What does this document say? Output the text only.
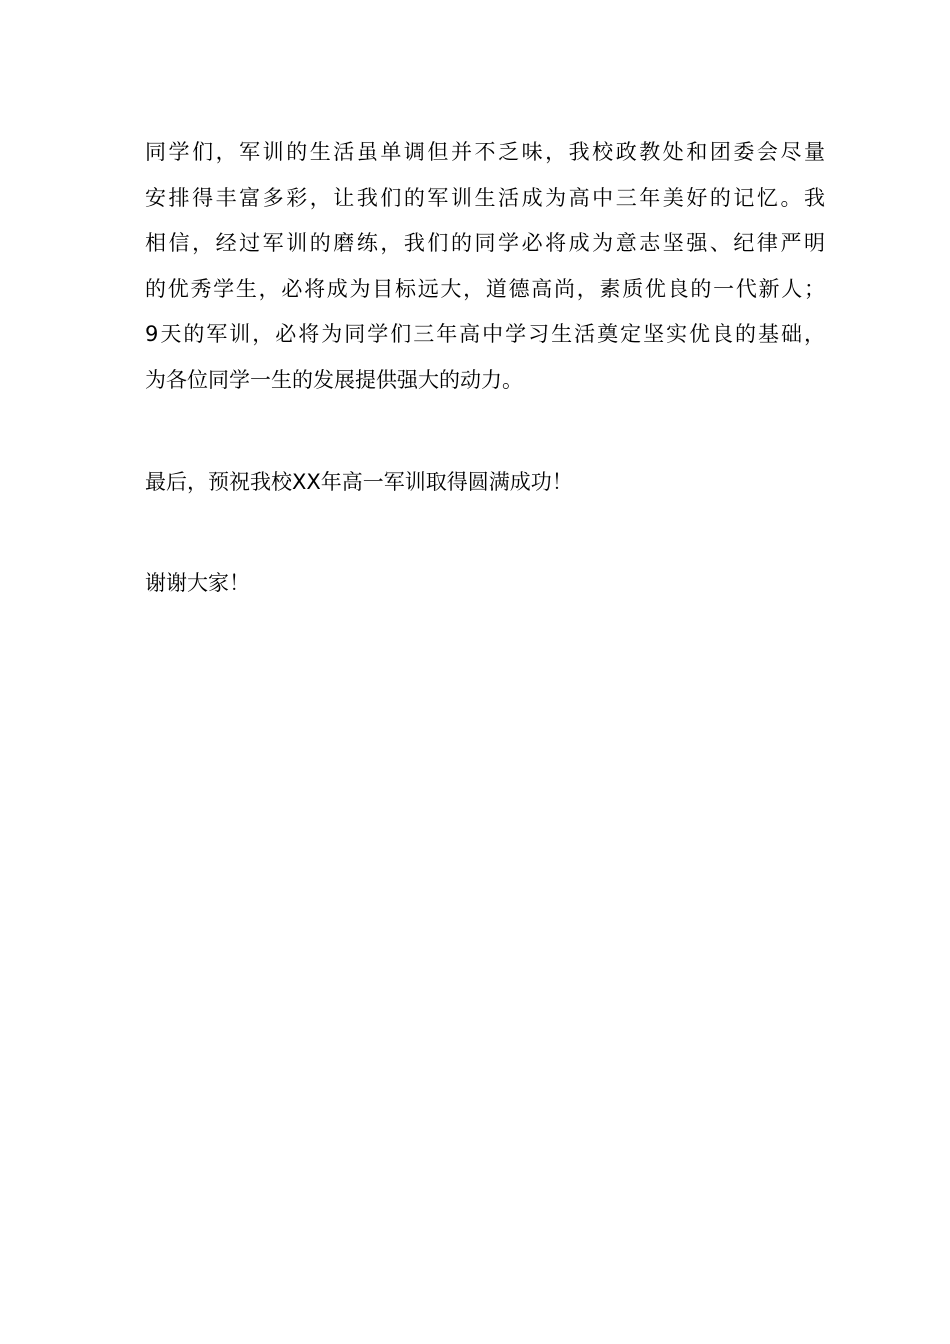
同学们，军训的生活虽单调但并不乏味，我校政教处和团委会尽量
安排得丰富多彩，让我们的军训生活成为高中三年美好的记忆。我
相信，经过军训的磨练，我们的同学必将成为意志坚强、纪律严明
的优秀学生，必将成为目标远大，道德高尚，素质优良的一代新人；
9天的军训，必将为同学们三年高中学习生活奠定坚实优良的基础，
为各位同学一生的发展提供强大的动力。
最后，预祝我校XX年高一军训取得圆满成功！
谢谢大家！
